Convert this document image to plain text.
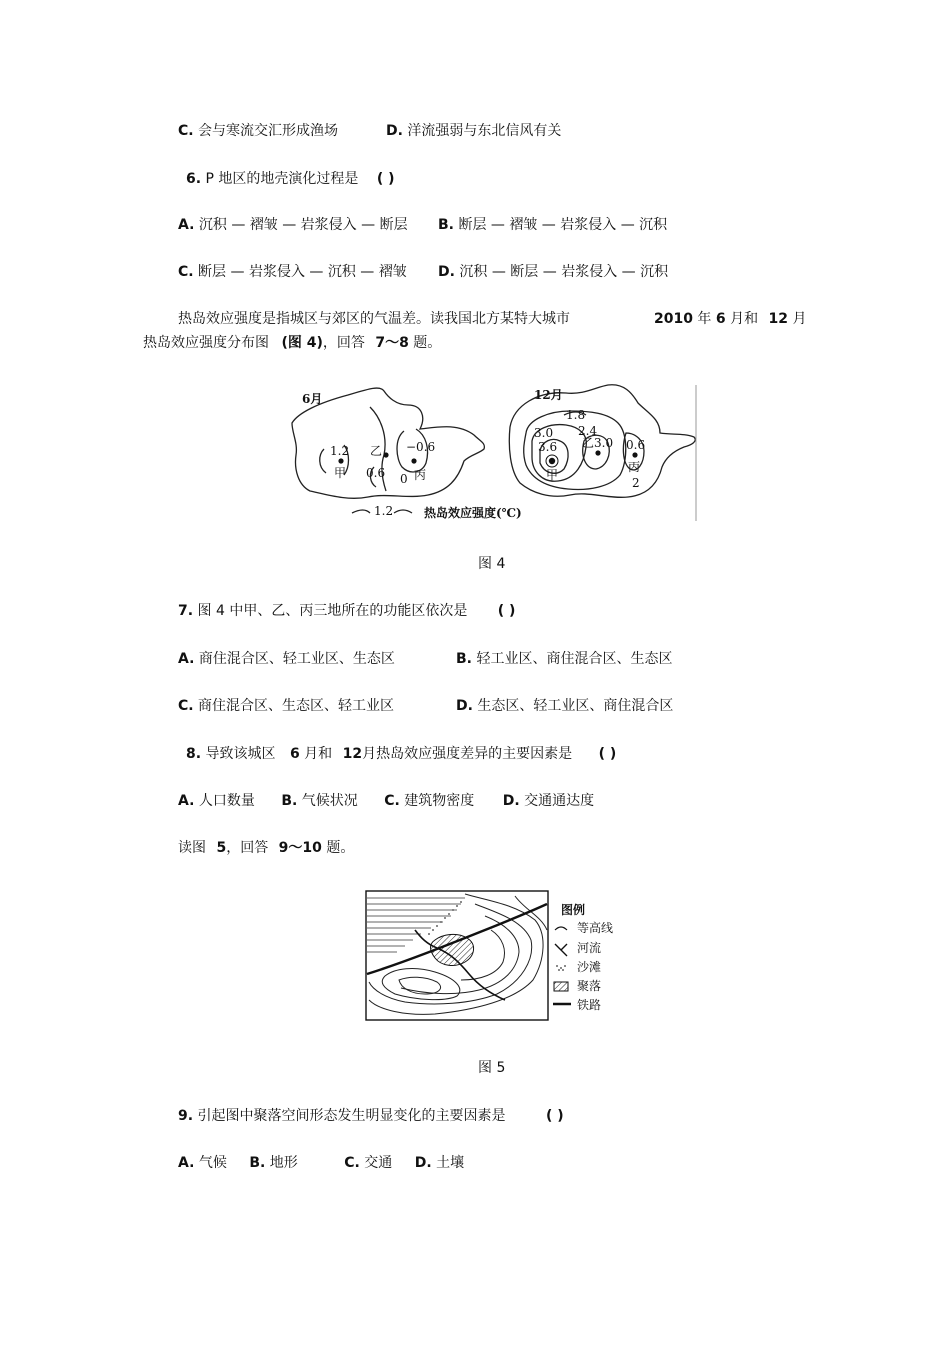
C. 会与寒流交汇形成渔场	D. 洋流强弱与东北信风有关
6. P 地区的地壳演化过程是 ( )
A. 沉积 — 褶皱 — 岩浆侵入 — 断层 B. 断层 — 褶皱 — 岩浆侵入 — 沉积
C. 断层 — 岩浆侵入 — 沉积 — 褶皱 D. 沉积 — 断层 — 岩浆侵入 — 沉积
热岛效应强度是指城区与郊区的气温差。读我国北方某特大城市	2010 年 6 月和 12 月
热岛效应强度分布图 (图 4)，回答 7～8 题。
6月	12月
1.2
甲
乙
0.6
−0.6
0 丙
1.2
1.8
3.0 2.4
3.6 乙 3.0 0.6
甲
丙
2
热岛效应强度(℃)
图 4
7. 图 4 中甲、乙、丙三地所在的功能区依次是 ( )
A. 商住混合区、轻工业区、生态区	B. 轻工业区、商住混合区、生态区
C. 商住混合区、生态区、轻工业区	D. 生态区、轻工业区、商住混合区
8. 导致该城区 6 月和 12月热岛效应强度差异的主要因素是 ( )
A. 人口数量 B. 气候状况 C. 建筑物密度 D. 交通通达度
读图 5，回答 9～10 题。
图例
等高线
河流
沙滩
聚落
铁路
图 5
9. 引起图中聚落空间形态发生明显变化的主要因素是	( )
A. 气候 B. 地形	C. 交通 D. 土壤
